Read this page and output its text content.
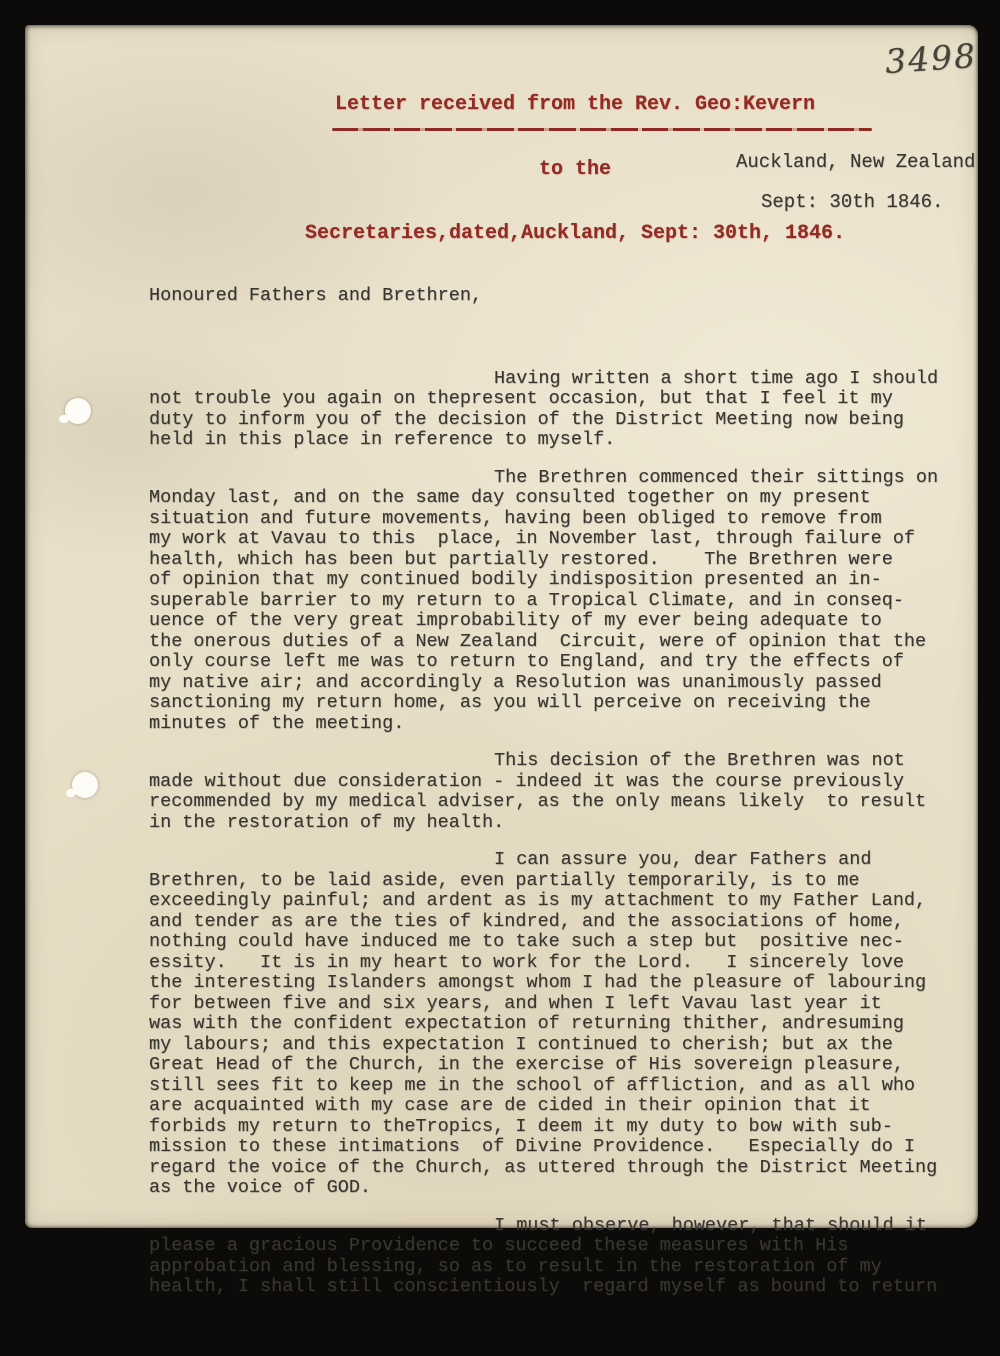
3498

Letter received from the Rev. Geo:Kevern

to the

Secretaries,dated,Auckland, Sept: 30th, 1846.

Auckland, New Zealand
Sept: 30th 1846.

Honoured Fathers and Brethren,

Having written a short time ago I should
not trouble you again on thepresent occasion, but that I feel it my
duty to inform you of the decision of the District Meeting now being
held in this place in reference to myself.
The Brethren commenced their sittings on
Monday last, and on the same day consulted together on my present
situation and future movements, having been obliged to remove from
my work at Vavau to this  place, in November last, through failure of
health, which has been but partially restored.    The Brethren were
of opinion that my continued bodily indisposition presented an in-
superable barrier to my return to a Tropical Climate, and in conseq-
uence of the very great improbability of my ever being adequate to
the onerous duties of a New Zealand  Circuit, were of opinion that the
only course left me was to return to England, and try the effects of
my native air; and accordingly a Resolution was unanimously passed
sanctioning my return home, as you will perceive on receiving the
minutes of the meeting.
This decision of the Brethren was not
made without due consideration - indeed it was the course previously
recommended by my medical adviser, as the only means likely  to result
in the restoration of my health.
I can assure you, dear Fathers and
Brethren, to be laid aside, even partially temporarily, is to me
exceedingly painful; and ardent as is my attachment to my Father Land,
and tender as are the ties of kindred, and the associations of home,
nothing could have induced me to take such a step but  positive nec-
essity.   It is in my heart to work for the Lord.   I sincerely love
the interesting Islanders amongst whom I had the pleasure of labouring
for between five and six years, and when I left Vavau last year it
was with the confident expectation of returning thither, andresuming
my labours; and this expectation I continued to cherish; but ax the
Great Head of the Church, in the exercise of His sovereign pleasure,
still sees fit to keep me in the school of affliction, and as all who
are acquainted with my case are de cided in their opinion that it
forbids my return to theTropics, I deem it my duty to bow with sub-
mission to these intimations  of Divine Providence.   Especially do I
regard the voice of the Church, as uttered through the District Meeting
as the voice of GOD.
I must observe, however, that should it
please a gracious Providence to succeed these measures with His
approbation and blessing, so as to result in the restoration of my
health, I shall still conscientiously  regard myself as bound to return
